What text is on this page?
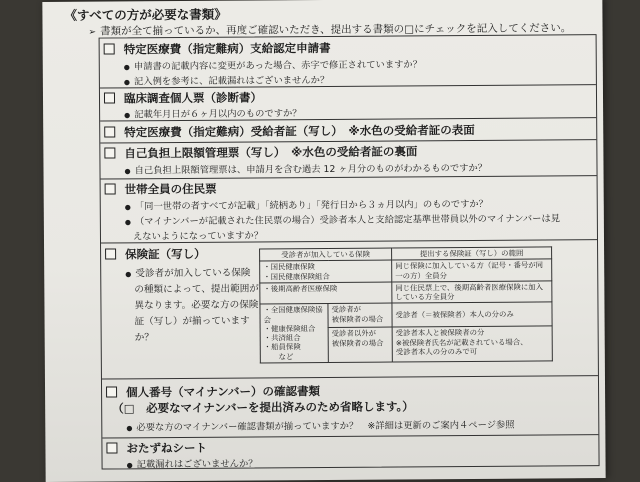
《すべての方が必要な書類》
➢ 書類が全て揃っているか、再度ご確認いただき、提出する書類の□にチェックを記入してください。
特定医療費（指定難病）支給認定申請書
● 申請書の記載内容に変更があった場合、赤字で修正されていますか？
● 記入例を参考に、記載漏れはございませんか？
臨床調査個人票（診断書）
● 記載年月日が６ヶ月以内のものですか？
特定医療費（指定難病）受給者証（写し）　※水色の受給者証の表面
自己負担上限額管理票（写し）　※水色の受給者証の裏面
● 自己負担上限額管理票は、申請月を含む過去 12 ヶ月分のものがわかるものですか？
世帯全員の住民票
● 「同一世帯の者すべてが記載」「続柄あり」「発行日から３ヵ月以内」のものですか？
● （マイナンバーが記載された住民票の場合）受診者本人と支給認定基準世帯員以外のマイナンバーは見
えないようになっていますか？
保険証（写し）
● 受診者が加入している保険
の種類によって、提出範囲が
異なります。必要な方の保険
証（写し）が揃っています
か？
受診者が加入している保険		提出する保険証（写し）の範囲
・国民健康保険
・国民健康保険組合		同じ保険に加入している方（記号・番号が同一の方）全員分
・後期高齢者医療保険		同じ住民票上で、後期高齢者医療保険に加入している方全員分
・全国健康保険協会
・健康保険組合
・共済組合
・船員保険
　　など	受診者が
被保険者の場合	受診者（＝被保険者）本人の分のみ
	受診者以外が
被保険者の場合	受診者本人と被保険者の分
※被保険者氏名が記載されている場合、
受診者本人の分のみで可
個人番号（マイナンバー）の確認書類
（□　必要なマイナンバーを提出済みのため省略します。）
● 必要な方のマイナンバー確認書類が揃っていますか？　※詳細は更新のご案内４ページ参照
おたずねシート
● 記載漏れはございませんか？
